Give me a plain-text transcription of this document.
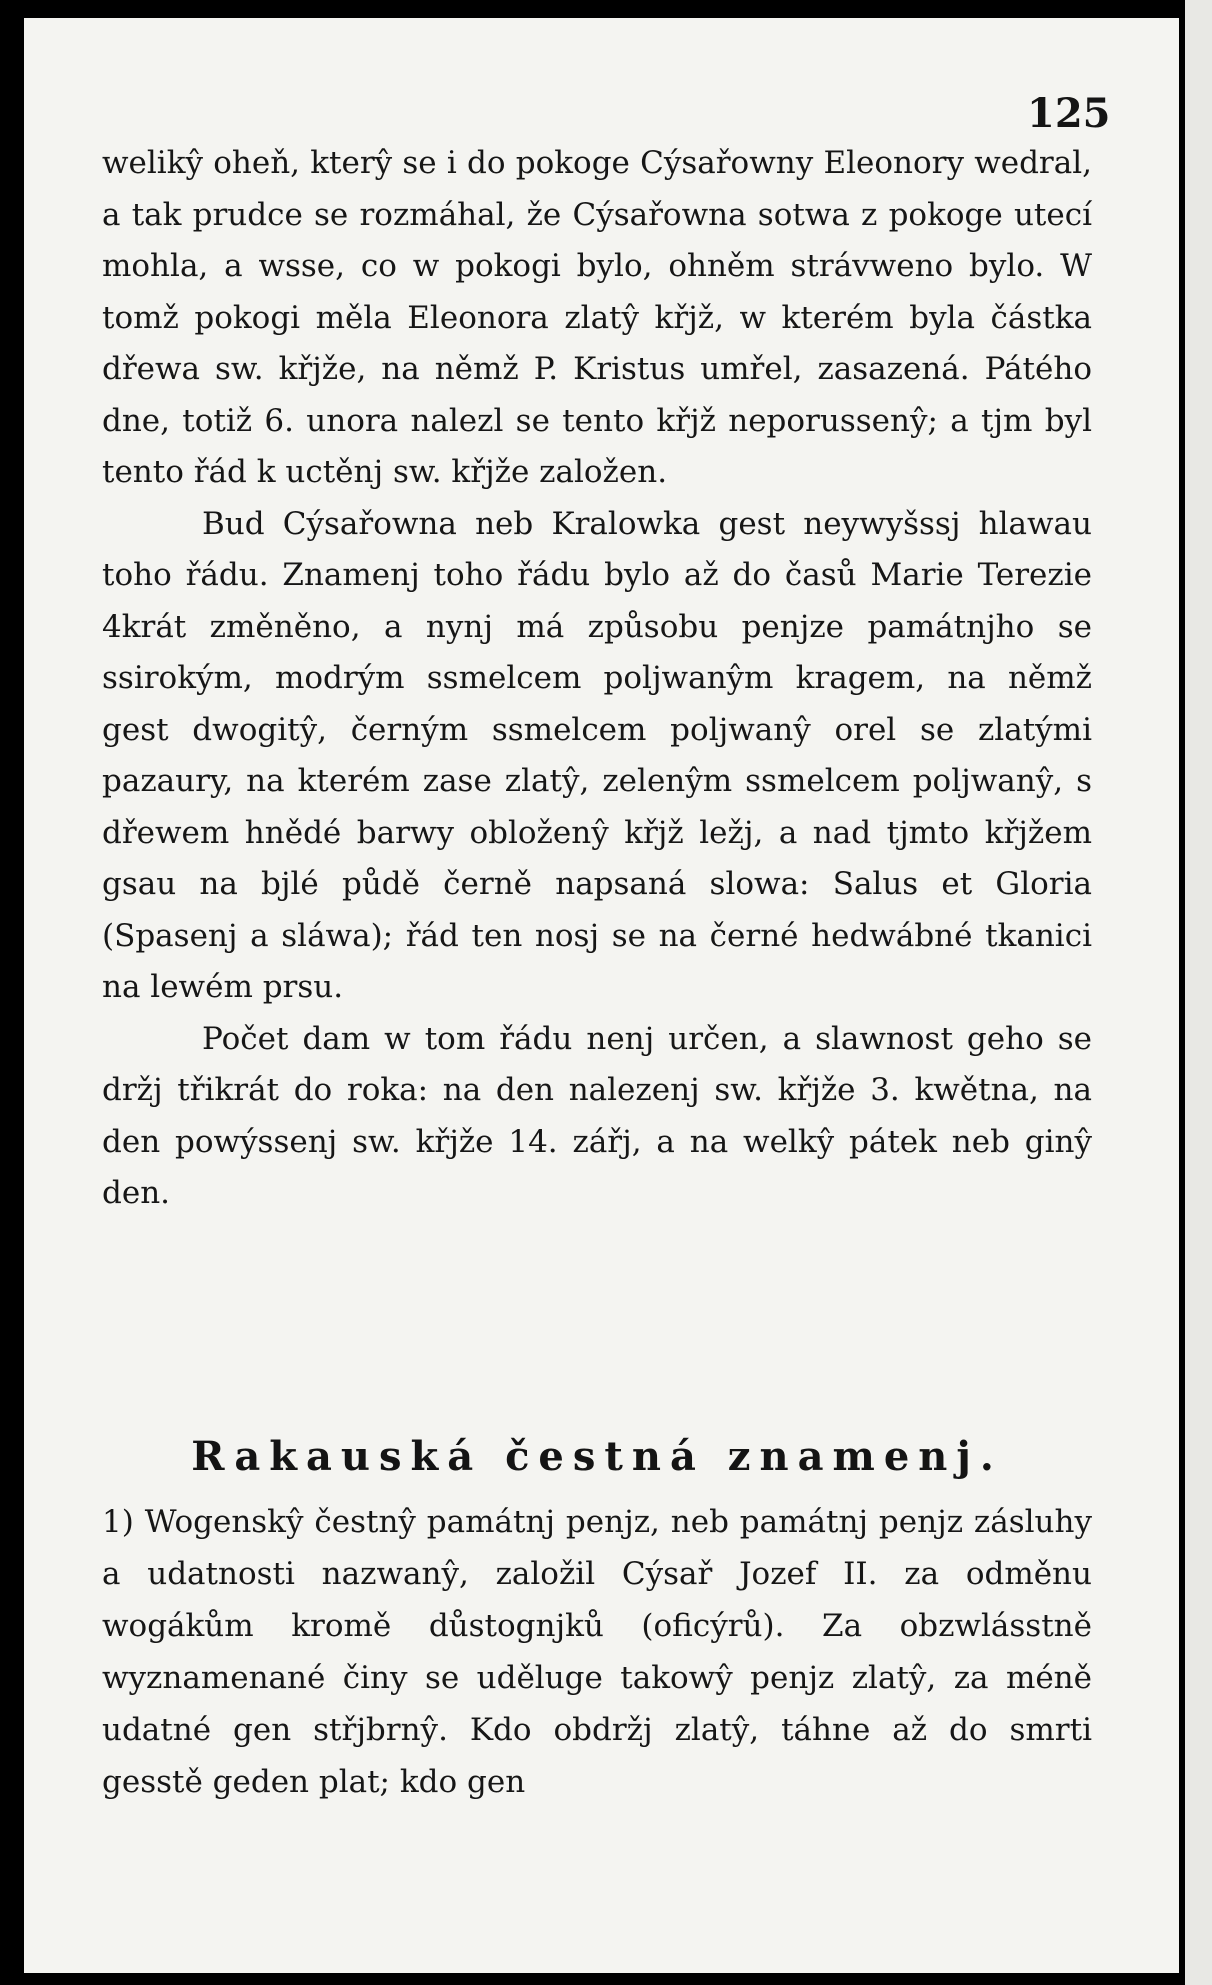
125

welikŷ oheň, kterŷ se i do pokoge Cýsařowny Eleonory wedral, a tak prudce se rozmáhal, že Cýsařowna sotwa z pokoge utecí mohla, a wsse, co w pokogi bylo, ohněm strávweno bylo. W tomž pokogi měla Eleonora zlatŷ křjž, w kterém byla částka dřewa sw. křjže, na němž P. Kristus umřel, zasazená. Pátého dne, totiž 6. unora nalezl se tento křjž neporussenŷ; a tjm byl tento řád k uctěnj sw. křjže založen.

Bud Cýsařowna neb Kralowka gest neywyšssj hlawau toho řádu. Znamenj toho řádu bylo až do časů Marie Terezie 4krát změněno, a nynj má způsobu penjze památnjho se ssirokým, modrým ssmelcem poljwanŷm kragem, na němž gest dwogitŷ, černým ssmelcem poljwanŷ orel se zlatými pazaury, na kterém zase zlatŷ, zelenŷm ssmelcem poljwanŷ, s dřewem hnědé barwy obloženŷ křjž ležj, a nad tjmto křjžem gsau na bjlé půdě černě napsaná slowa: Salus et Gloria (Spasenj a sláwa); řád ten nosj se na černé hedwábné tkanici na lewém prsu.

Počet dam w tom řádu nenj určen, a slawnost geho se držj třikrát do roka: na den nalezenj sw. křjže 3. kwětna, na den powýssenj sw. křjže 14. zářj, a na welkŷ pátek neb ginŷ den.

Rakauská čestná znamenj.

1) Wogenskŷ čestnŷ památnj penjz, neb památnj penjz zásluhy a udatnosti nazwanŷ, založil Cýsař Jozef II. za odměnu wogákům kromě důstognjků (oficýrů). Za obzwlásstně wyznamenané činy se uděluge takowŷ penjz zlatŷ, za méně udatné gen střjbrnŷ. Kdo obdržj zlatŷ, táhne až do smrti gesstě geden plat; kdo gen
